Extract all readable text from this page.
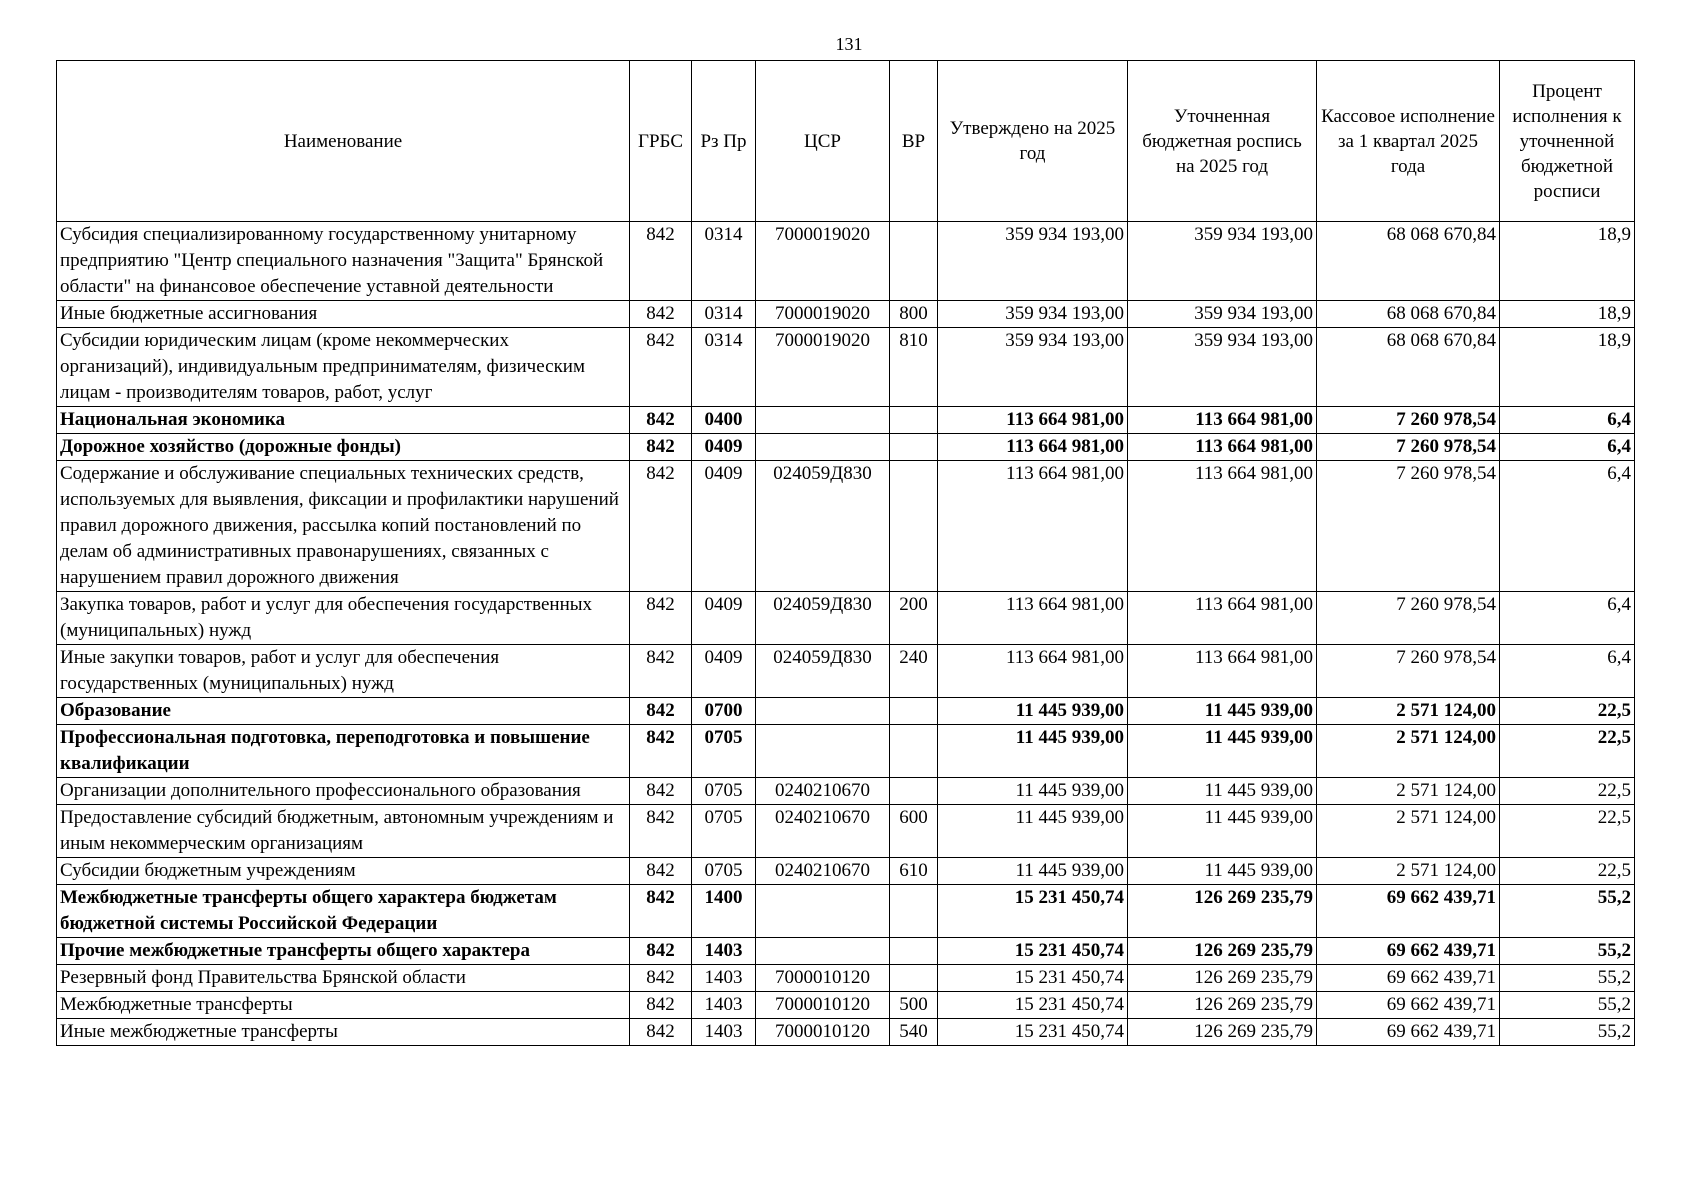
131
Наименование	ГРБС	Рз Пр	ЦСР	ВР	Утверждено на 2025 год	Уточненная бюджетная роспись на 2025 год	Кассовое исполнение за 1 квартал 2025 года	Процент исполнения к уточненной бюджетной росписи
Субсидия специализированному государственному унитарному предприятию "Центр специального назначения "Защита" Брянской области" на финансовое обеспечение уставной деятельности	842	0314	7000019020		359 934 193,00	359 934 193,00	68 068 670,84	18,9
Иные бюджетные ассигнования	842	0314	7000019020	800	359 934 193,00	359 934 193,00	68 068 670,84	18,9
Субсидии юридическим лицам (кроме некоммерческих организаций), индивидуальным предпринимателям, физическим лицам - производителям товаров, работ, услуг	842	0314	7000019020	810	359 934 193,00	359 934 193,00	68 068 670,84	18,9
Национальная экономика	842	0400			113 664 981,00	113 664 981,00	7 260 978,54	6,4
Дорожное хозяйство (дорожные фонды)	842	0409			113 664 981,00	113 664 981,00	7 260 978,54	6,4
Содержание и обслуживание специальных технических средств, используемых для выявления, фиксации и профилактики нарушений правил дорожного движения, рассылка копий постановлений по делам об административных правонарушениях, связанных с нарушением правил дорожного движения	842	0409	024059Д830		113 664 981,00	113 664 981,00	7 260 978,54	6,4
Закупка товаров, работ и услуг для обеспечения государственных (муниципальных) нужд	842	0409	024059Д830	200	113 664 981,00	113 664 981,00	7 260 978,54	6,4
Иные закупки товаров, работ и услуг для обеспечения государственных (муниципальных) нужд	842	0409	024059Д830	240	113 664 981,00	113 664 981,00	7 260 978,54	6,4
Образование	842	0700			11 445 939,00	11 445 939,00	2 571 124,00	22,5
Профессиональная подготовка, переподготовка и повышение квалификации	842	0705			11 445 939,00	11 445 939,00	2 571 124,00	22,5
Организации дополнительного профессионального образования	842	0705	0240210670		11 445 939,00	11 445 939,00	2 571 124,00	22,5
Предоставление субсидий бюджетным, автономным учреждениям и иным некоммерческим организациям	842	0705	0240210670	600	11 445 939,00	11 445 939,00	2 571 124,00	22,5
Субсидии бюджетным учреждениям	842	0705	0240210670	610	11 445 939,00	11 445 939,00	2 571 124,00	22,5
Межбюджетные трансферты общего характера бюджетам бюджетной системы Российской Федерации	842	1400			15 231 450,74	126 269 235,79	69 662 439,71	55,2
Прочие межбюджетные трансферты общего характера	842	1403			15 231 450,74	126 269 235,79	69 662 439,71	55,2
Резервный фонд Правительства Брянской области	842	1403	7000010120		15 231 450,74	126 269 235,79	69 662 439,71	55,2
Межбюджетные трансферты	842	1403	7000010120	500	15 231 450,74	126 269 235,79	69 662 439,71	55,2
Иные межбюджетные трансферты	842	1403	7000010120	540	15 231 450,74	126 269 235,79	69 662 439,71	55,2
